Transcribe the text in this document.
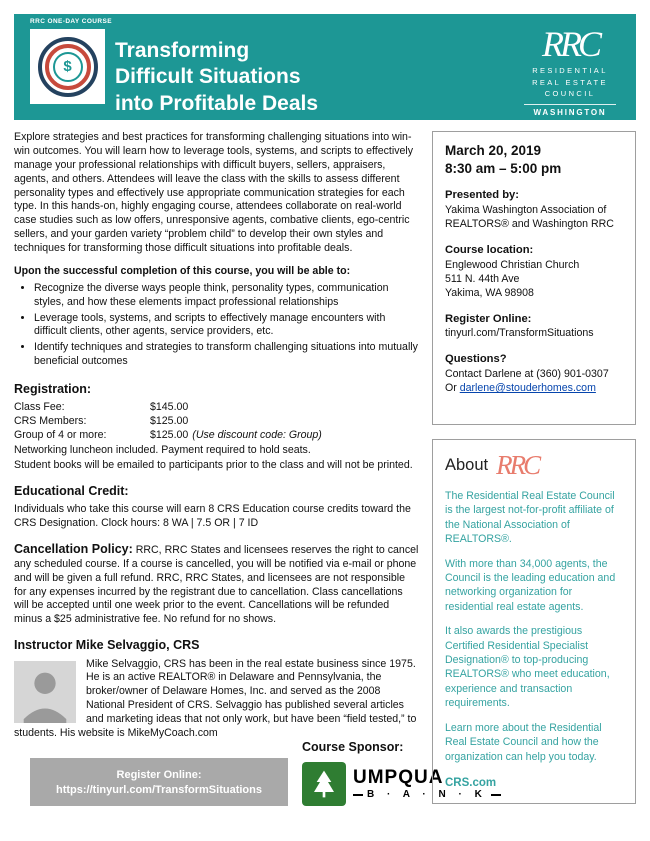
RRC ONE-DAY COURSE
$
Transforming
Difficult Situations
into Profitable Deals
RRC
RESIDENTIAL
REAL ESTATE
COUNCIL
WASHINGTON

Explore strategies and best practices for transforming challenging situations into win-win outcomes. You will learn how to leverage tools, systems, and scripts to effectively manage your professional relationships with difficult buyers, sellers, appraisers, agents, and others. Attendees will leave the class with the skills to assess different personality types and effectively use appropriate communication strategies for each type. In this hands-on, highly engaging course, attendees collaborate on real-world case studies such as low offers, unresponsive agents, combative clients, ego-centric sellers, and your garden variety “problem child” to develop their own styles and techniques for transforming those difficult situations into profitable deals.

Upon the successful completion of this course, you will be able to:
• Recognize the diverse ways people think, personality types, communication styles, and how these elements impact professional relationships
• Leverage tools, systems, and scripts to effectively manage encounters with difficult clients, other agents, service providers, etc.
• Identify techniques and strategies to transform challenging situations into mutually beneficial outcomes
Registration:
Class Fee:	$145.00
CRS Members:	$125.00
Group of 4 or more:	$125.00 (Use discount code: Group)
Networking luncheon included. Payment required to hold seats.
Student books will be emailed to participants prior to the class and will not be printed.
Educational Credit:

Individuals who take this course will earn 8 CRS Education course credits toward the CRS Designation. Clock hours: 8 WA | 7.5 OR | 7 ID

Cancellation Policy: RRC, RRC States and licensees reserves the right to cancel any scheduled course. If a course is cancelled, you will be notified via e-mail or phone and will be given a full refund. RRC, RRC States, and licensees are not responsible for any expenses incurred by the registrant due to cancellation. Class cancellations will be accepted until one week prior to the event. Cancellations will be refunded minus a $25 administrative fee. No refund for no shows.

Instructor Mike Selvaggio, CRS
Mike Selvaggio, CRS has been in the real estate business since 1975. He is an active REALTOR® in Delaware and Pennsylvania, the broker/owner of Delaware Homes, Inc. and served as the 2008 National President of CRS. Selvaggio has published several articles and marketing ideas that not only work, but have been “field tested,” to students. His website is MikeMyCoach.com
Register Online:
https://tinyurl.com/TransformSituations
Course Sponsor:
UMPQUA
B · A · N · K
March 20, 2019
8:30 am – 5:00 pm
Presented by:
Yakima Washington Association of REALTORS® and Washington RRC
Course location:
Englewood Christian Church
511 N. 44th Ave
Yakima, WA 98908
Register Online:
tinyurl.com/TransformSituations
Questions?
Contact Darlene at (360) 901-0307
Or darlene@stouderhomes.com
About RRC

The Residential Real Estate Council is the largest not-for-profit affiliate of the National Association of REALTORS®.

With more than 34,000 agents, the Council is the leading education and networking organization for residential real estate agents.

It also awards the prestigious Certified Residential Specialist Designation® to top-producing REALTORS® who meet education, experience and transaction requirements.

Learn more about the Residential Real Estate Council and how the organization can help you today.

CRS.com
